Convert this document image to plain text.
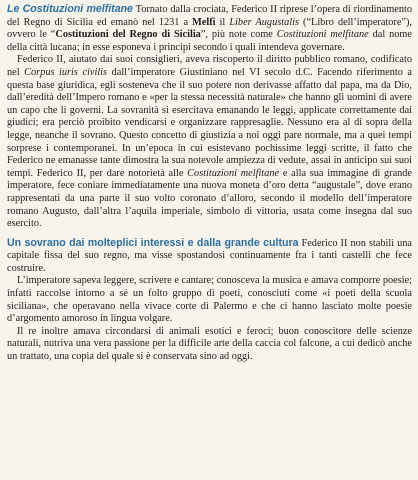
Le Costituzioni melfitane Tornato dalla crociata, Federico II riprese l’opera di riordinamento del Regno di Sicilia ed emanò nel 1231 a Melfi il Liber Augustalis (“Libro dell’imperatore”), ovvero le “Costituzioni del Regno di Sicilia”, più note come Costituzioni melfitane dal nome della città lucana; in esse esponeva i principi secondo i quali intendeva governare.

Federico II, aiutato dai suoi consiglieri, aveva riscoperto il diritto pubblico romano, codificato nel Corpus iuris civilis dall’imperatore Giustiniano nel VI secolo d.C. Facendo riferimento a questa base giuridica, egli sosteneva che il suo potere non derivasse affatto dal papa, ma da Dio, dall’eredità dell’Impero romano e «per la stessa necessità naturale» che hanno gli uomini di avere un capo che li governi. La sovranità si esercitava emanando le leggi, applicate correttamente dai giudici; era perciò proibito vendicarsi e organizzare rappresaglie. Nessuno era al di sopra della legge, neanche il sovrano. Questo concetto di giustizia a noi oggi pare normale, ma a quei tempi sorprese i contemporanei. In un’epoca in cui esistevano pochissime leggi scritte, il fatto che Federico ne emanasse tante dimostra la sua notevole ampiezza di vedute, assai in anticipo sui suoi tempi. Federico II, per dare notorietà alle Costituzioni melfitane e alla sua immagine di grande imperatore, fece coniare immediatamente una nuova moneta d’oro detta “augustale”, dove erano rappresentati da una parte il suo volto coronato d’alloro, secondo il modello dell’imperatore romano Augusto, dall’altra l’aquila imperiale, simbolo di vittoria, usata come insegna dal suo esercito.

Un sovrano dai molteplici interessi e dalla grande cultura Federico II non stabilì una capitale fissa del suo regno, ma visse spostandosi continuamente fra i tanti castelli che fece costruire.

L’imperatore sapeva leggere, scrivere e cantare; conosceva la musica e amava comporre poesie; infatti raccolse intorno a sé un folto gruppo di poeti, conosciuti come «i poeti della scuola siciliana», che operavano nella vivace corte di Palermo e che ci hanno lasciato molte poesie d’argomento amoroso in lingua volgare.

Il re inoltre amava circondarsi di animali esotici e feroci; buon conoscitore delle scienze naturali, nutriva una vera passione per la difficile arte della caccia col falcone, a cui dedicò anche un trattato, una copia del quale si è conservata sino ad oggi.
